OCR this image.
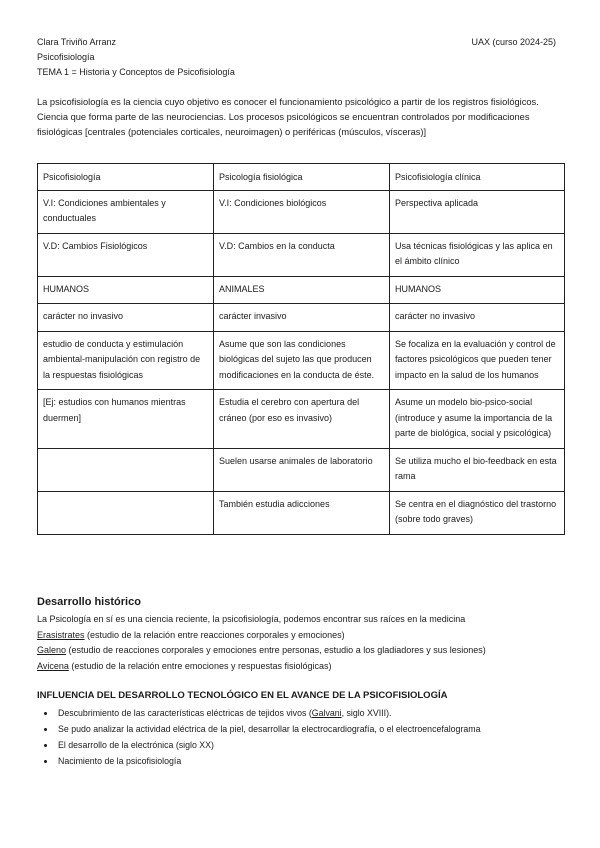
Clara Triviño Arranz
Psicofisiología
TEMA 1 = Historia y Conceptos de Psicofisiología
UAX (curso 2024-25)

La psicofisiología es la ciencia cuyo objetivo es conocer el funcionamiento psicológico a partir de los registros fisiológicos. Ciencia que forma parte de las neurociencias. Los procesos psicológicos se encuentran controlados por modificaciones fisiológicas [centrales (potenciales corticales, neuroimagen) o periféricas (músculos, vísceras)]

Psicofisiología	Psicología fisiológica	Psicofisiología clínica
V.I: Condiciones ambientales y conductuales	V.I: Condiciones biológicos	Perspectiva aplicada
V.D: Cambios Fisiológicos	V.D: Cambios en la conducta	Usa técnicas fisiológicas y las aplica en el ámbito clínico
HUMANOS	ANIMALES	HUMANOS
carácter no invasivo	carácter invasivo	carácter no invasivo
estudio de conducta y estimulación ambiental-manipulación con registro de la respuestas fisiológicas	Asume que son las condiciones biológicas del sujeto las que producen modificaciones en la conducta de éste.	Se focaliza en la evaluación y control de factores psicológicos que pueden tener impacto en la salud de los humanos
[Ej: estudios con humanos mientras duermen]	Estudia el cerebro con apertura del cráneo (por eso es invasivo)	Asume un modelo bio-psico-social (introduce y asume la importancia de la parte de biológica, social y psicológica)
	Suelen usarse animales de laboratorio	Se utiliza mucho el bio-feedback en esta rama
	También estudia adicciones	Se centra en el diagnóstico del trastorno (sobre todo graves)
Desarrollo histórico

La Psicología en sí es una ciencia reciente, la psicofisiología, podemos encontrar sus raíces en la medicina

Erasistrates (estudio de la relación entre reacciones corporales y emociones)

Galeno (estudio de reacciones corporales y emociones entre personas, estudio a los gladiadores y sus lesiones)

Avicena (estudio de la relación entre emociones y respuestas fisiológicas)

INFLUENCIA DEL DESARROLLO TECNOLÓGICO EN EL AVANCE DE LA PSICOFISIOLOGÍA
• Descubrimiento de las características eléctricas de tejidos vivos (Galvani, siglo XVIII).
• Se pudo analizar la actividad eléctrica de la piel, desarrollar la electrocardiografía, o el electroencefalograma
• El desarrollo de la electrónica (siglo XX)
• Nacimiento de la psicofisiología
